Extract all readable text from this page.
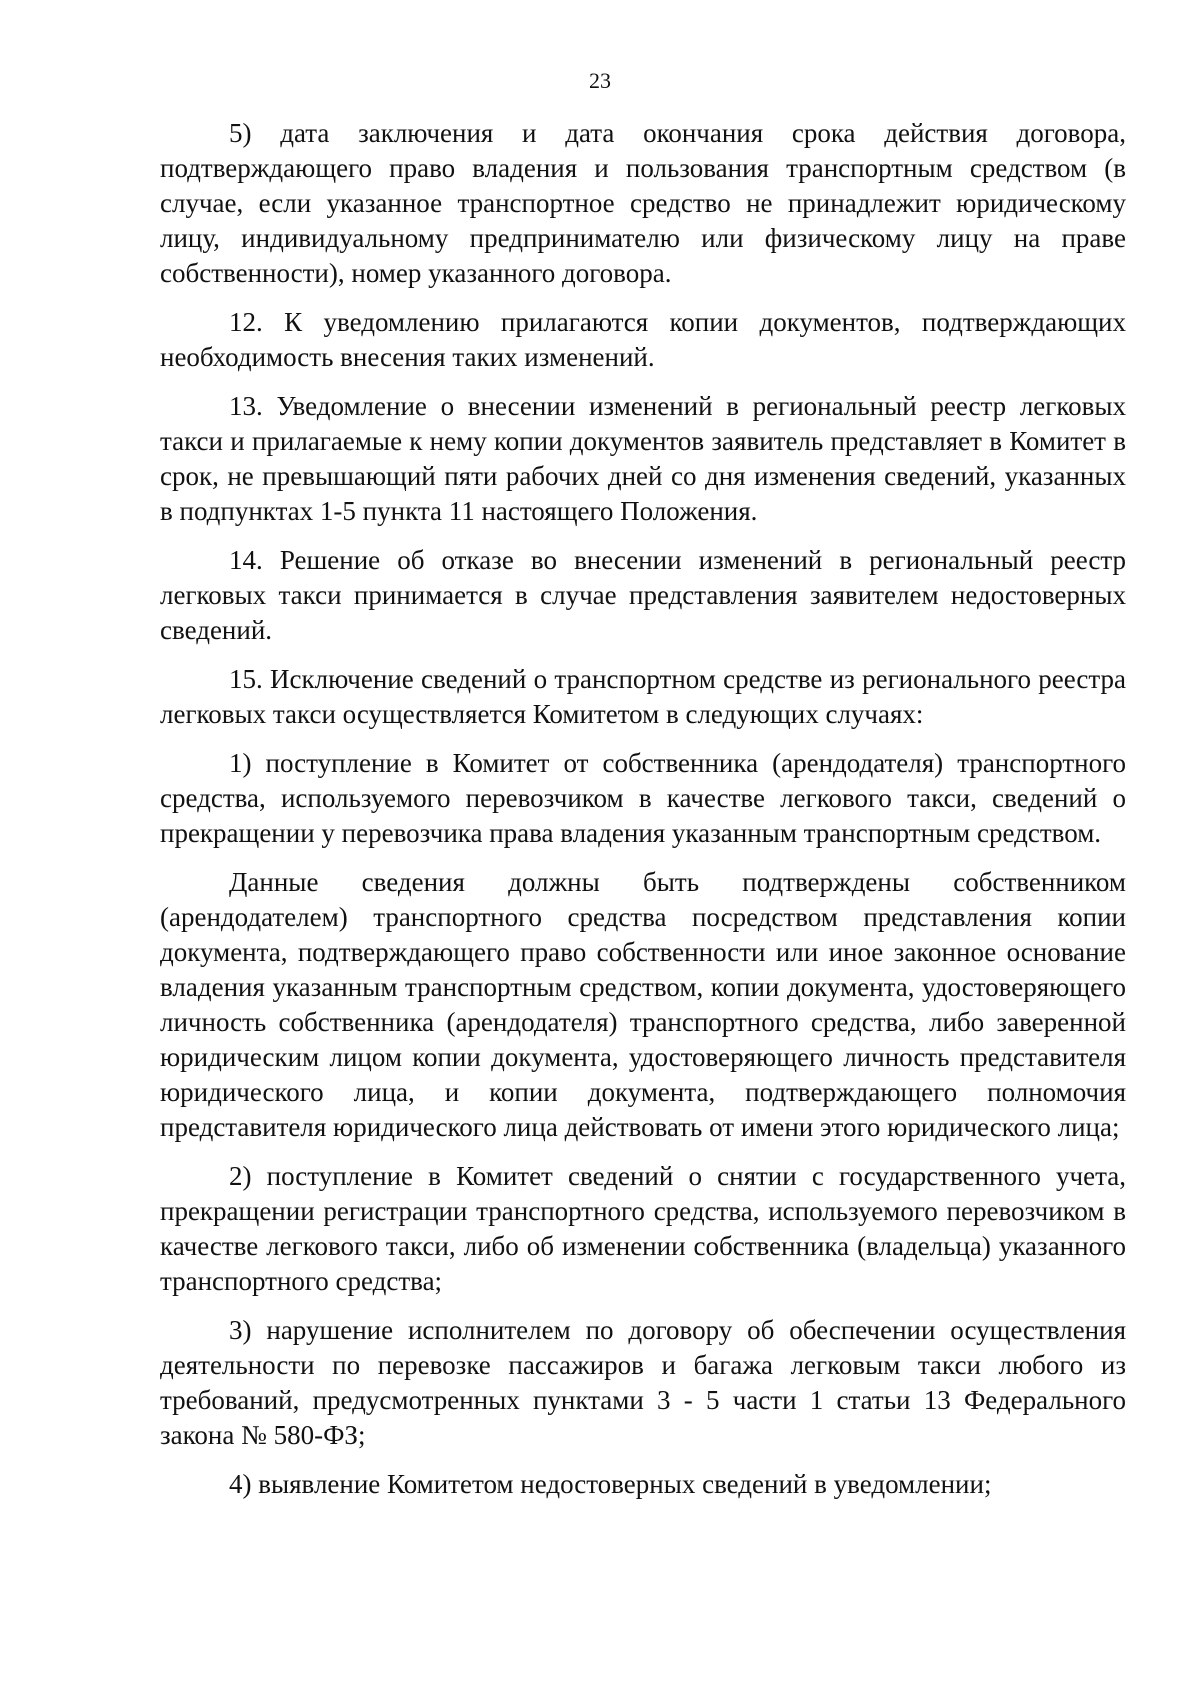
23

5) дата заключения и дата окончания срока действия договора, подтверждающего право владения и пользования транспортным средством (в случае, если указанное транспортное средство не принадлежит юридическому лицу, индивидуальному предпринимателю или физическому лицу на праве собственности), номер указанного договора.

12. К уведомлению прилагаются копии документов, подтверждающих необходимость внесения таких изменений.

13. Уведомление о внесении изменений в региональный реестр легковых такси и прилагаемые к нему копии документов заявитель представляет в Комитет в срок, не превышающий пяти рабочих дней со дня изменения сведений, указанных в подпунктах 1-5 пункта 11 настоящего Положения.

14. Решение об отказе во внесении изменений в региональный реестр легковых такси принимается в случае представления заявителем недостоверных сведений.

15. Исключение сведений о транспортном средстве из регионального реестра легковых такси осуществляется Комитетом в следующих случаях:

1) поступление в Комитет от собственника (арендодателя) транспортного средства, используемого перевозчиком в качестве легкового такси, сведений о прекращении у перевозчика права владения указанным транспортным средством.

Данные сведения должны быть подтверждены собственником (арендодателем) транспортного средства посредством представления копии документа, подтверждающего право собственности или иное законное основание владения указанным транспортным средством, копии документа, удостоверяющего личность собственника (арендодателя) транспортного средства, либо заверенной юридическим лицом копии документа, удостоверяющего личность представителя юридического лица, и копии документа, подтверждающего полномочия представителя юридического лица действовать от имени этого юридического лица;

2) поступление в Комитет сведений о снятии с государственного учета, прекращении регистрации транспортного средства, используемого перевозчиком в качестве легкового такси, либо об изменении собственника (владельца) указанного транспортного средства;

3) нарушение исполнителем по договору об обеспечении осуществления деятельности по перевозке пассажиров и багажа легковым такси любого из требований, предусмотренных пунктами 3 - 5 части 1 статьи 13 Федерального закона № 580-ФЗ;

4) выявление Комитетом недостоверных сведений в уведомлении;
